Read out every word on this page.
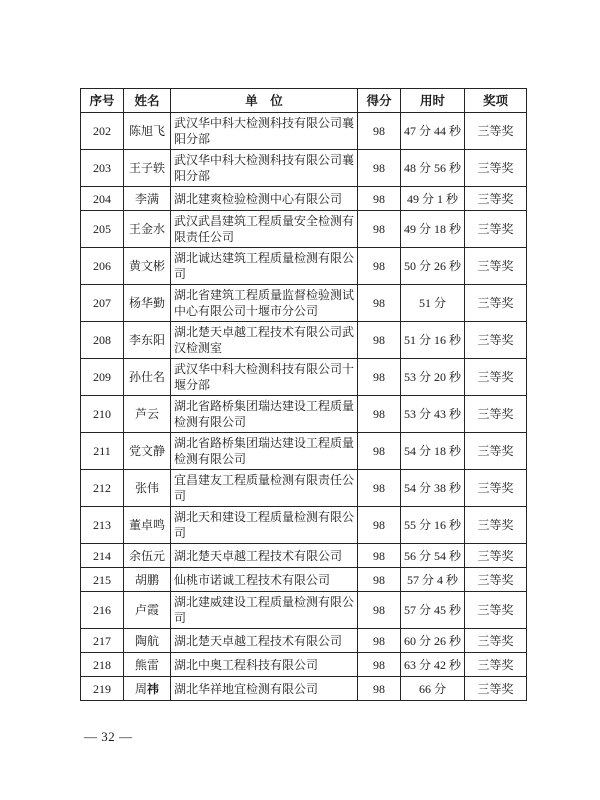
序号	姓名	单　位	得分	用时	奖项
202	陈旭飞	武汉华中科大检测科技有限公司襄阳分部	98	47 分 44 秒	三等奖
203	王子轶	武汉华中科大检测科技有限公司襄阳分部	98	48 分 56 秒	三等奖
204	李满	湖北建爽检验检测中心有限公司	98	49 分 1 秒	三等奖
205	王金水	武汉武昌建筑工程质量安全检测有限责任公司	98	49 分 18 秒	三等奖
206	黄文彬	湖北诚达建筑工程质量检测有限公司	98	50 分 26 秒	三等奖
207	杨华勤	湖北省建筑工程质量监督检验测试中心有限公司十堰市分公司	98	51 分	三等奖
208	李东阳	湖北楚天卓越工程技术有限公司武汉检测室	98	51 分 16 秒	三等奖
209	孙仕名	武汉华中科大检测科技有限公司十堰分部	98	53 分 20 秒	三等奖
210	芦云	湖北省路桥集团瑞达建设工程质量检测有限公司	98	53 分 43 秒	三等奖
211	党文静	湖北省路桥集团瑞达建设工程质量检测有限公司	98	54 分 18 秒	三等奖
212	张伟	宜昌建友工程质量检测有限责任公司	98	54 分 38 秒	三等奖
213	董卓鸣	湖北天和建设工程质量检测有限公司	98	55 分 16 秒	三等奖
214	余伍元	湖北楚天卓越工程技术有限公司	98	56 分 54 秒	三等奖
215	胡鹏	仙桃市诺诚工程技术有限公司	98	57 分 4 秒	三等奖
216	卢霞	湖北建威建设工程质量检测有限公司	98	57 分 45 秒	三等奖
217	陶航	湖北楚天卓越工程技术有限公司	98	60 分 26 秒	三等奖
218	熊雷	湖北中奥工程科技有限公司	98	63 分 42 秒	三等奖
219	周祎	湖北华祥地宜检测有限公司	98	66 分	三等奖
— 32 —
